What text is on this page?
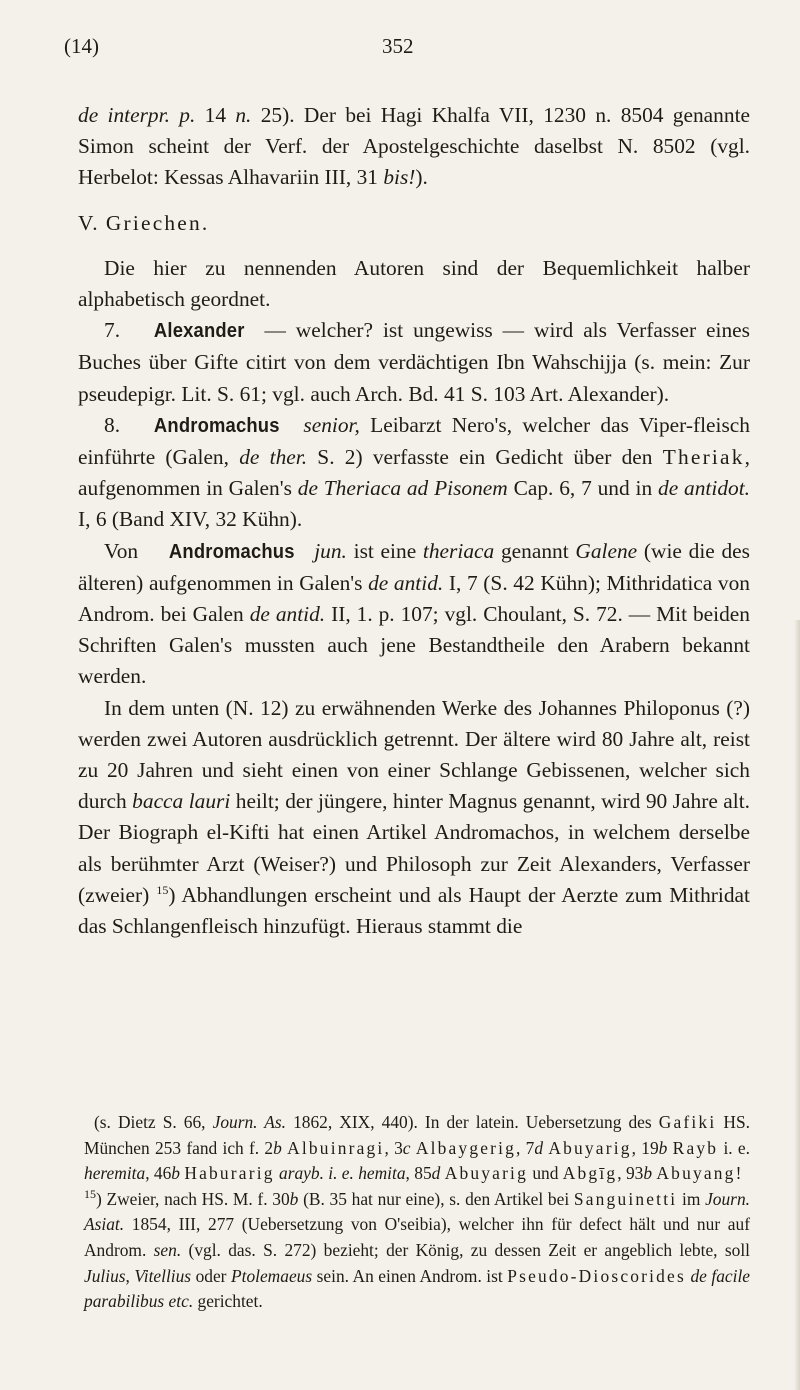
(14)	352

de interpr. p. 14 n. 25). Der bei Hagi Khalfa VII, 1230 n. 8504 genannte Simon scheint der Verf. der Apostelgeschichte daselbst N. 8502 (vgl. Herbelot: Kessas Alhavariin III, 31 bis!).

V. Griechen.

Die hier zu nennenden Autoren sind der Bequemlichkeit halber alphabetisch geordnet.

7. Alexander — welcher? ist ungewiss — wird als Verfasser eines Buches über Gifte citirt von dem verdächtigen Ibn Wahschijja (s. mein: Zur pseudepigr. Lit. S. 61; vgl. auch Arch. Bd. 41 S. 103 Art. Alexander).

8. Andromachus senior, Leibarzt Nero's, welcher das Viper-fleisch einführte (Galen, de ther. S. 2) verfasste ein Gedicht über den Theriak, aufgenommen in Galen's de Theriaca ad Pisonem Cap. 6, 7 und in de antidot. I, 6 (Band XIV, 32 Kühn).

Von Andromachus jun. ist eine theriaca genannt Galene (wie die des älteren) aufgenommen in Galen's de antid. I, 7 (S. 42 Kühn); Mithridatica von Androm. bei Galen de antid. II, 1. p. 107; vgl. Choulant, S. 72. — Mit beiden Schriften Galen's mussten auch jene Bestandtheile den Arabern bekannt werden.

In dem unten (N. 12) zu erwähnenden Werke des Johannes Philoponus (?) werden zwei Autoren ausdrücklich getrennt. Der ältere wird 80 Jahre alt, reist zu 20 Jahren und sieht einen von einer Schlange Gebissenen, welcher sich durch bacca lauri heilt; der jüngere, hinter Magnus genannt, wird 90 Jahre alt. Der Biograph el-Kifti hat einen Artikel Andromachos, in welchem derselbe als berühmter Arzt (Weiser?) und Philosoph zur Zeit Alexanders, Verfasser (zweier) $^{15}$) Abhandlungen erscheint und als Haupt der Aerzte zum Mithridat das Schlangenfleisch hinzufügt. Hieraus stammt die

(s. Dietz S. 66, Journ. As. 1862, XIX, 440). In der latein. Uebersetzung des Gafiki HS. München 253 fand ich f. 2b Albuinragi, 3c Albaygerig, 7d Abuyarig, 19b Rayb i. e. heremita, 46b Haburarig arayb. i. e. hemita, 85d Abuyarig und Abgīg, 93b Abuyang!

$^{15}$) Zweier, nach HS. M. f. 30b (B. 35 hat nur eine), s. den Artikel bei Sanguinetti im Journ. Asiat. 1854, III, 277 (Uebersetzung von O'seibia), welcher ihn für defect hält und nur auf Androm. sen. (vgl. das. S. 272) bezieht; der König, zu dessen Zeit er angeblich lebte, soll Julius, Vitellius oder Ptolemaeus sein. An einen Androm. ist Pseudo-Dioscorides de facile parabilibus etc. gerichtet.
